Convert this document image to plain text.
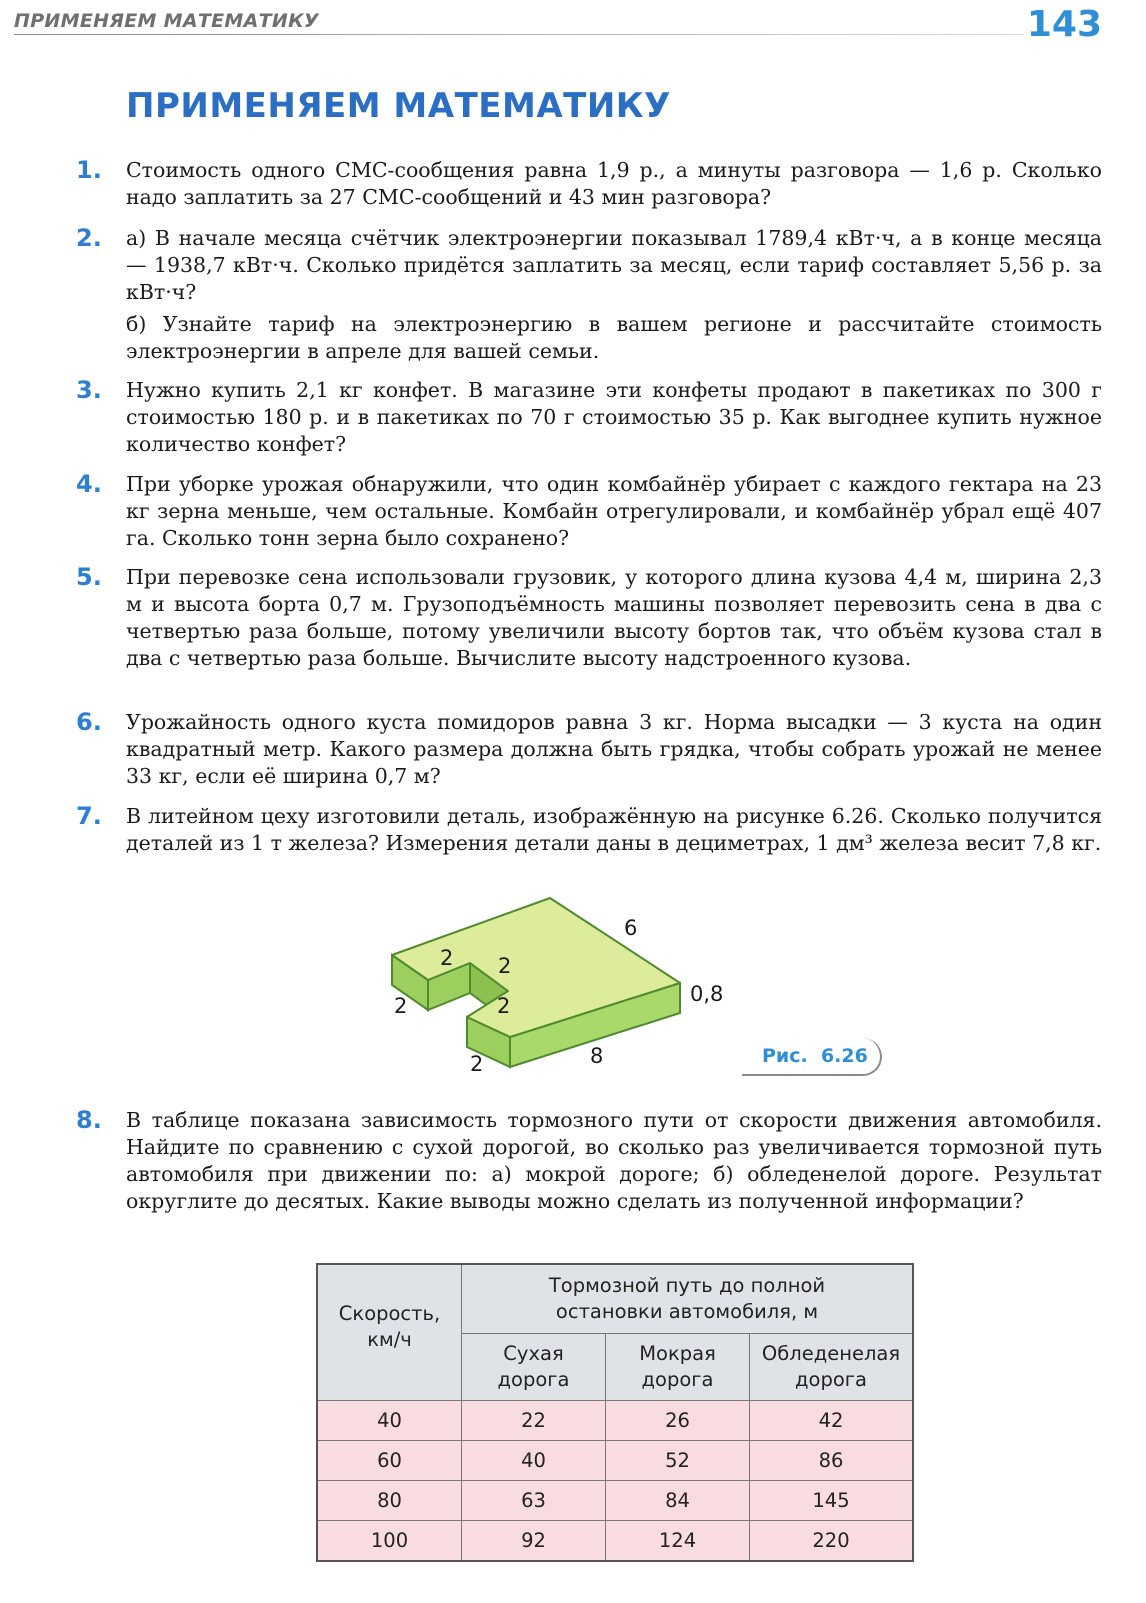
ПРИМЕНЯЕМ МАТЕМАТИКУ	143
ПРИМЕНЯЕМ МАТЕМАТИКУ
1. Стоимость одного СМС-сообщения равна 1,9 р., а минуты разговора — 1,6 р. Сколько надо заплатить за 27 СМС-сообщений и 43 мин разговора?

2. а) В начале месяца счётчик электроэнергии показывал 1789,4 кВт·ч, а в конце месяца — 1938,7 кВт·ч. Сколько придётся заплатить за месяц, если тариф составляет 5,56 р. за кВт·ч?

б) Узнайте тариф на электроэнергию в вашем регионе и рассчитайте стоимость электроэнергии в апреле для вашей семьи.

3. Нужно купить 2,1 кг конфет. В магазине эти конфеты продают в пакетиках по 300 г стоимостью 180 р. и в пакетиках по 70 г стоимостью 35 р. Как выгоднее купить нужное количество конфет?

4. При уборке урожая обнаружили, что один комбайнёр убирает с каждого гектара на 23 кг зерна меньше, чем остальные. Комбайн отрегулировали, и комбайнёр убрал ещё 407 га. Сколько тонн зерна было сохранено?

5. При перевозке сена использовали грузовик, у которого длина кузова 4,4 м, ширина 2,3 м и высота борта 0,7 м. Грузоподъёмность машины позволяет перевозить сена в два с четвертью раза больше, потому увеличили высоту бортов так, что объём кузова стал в два с четвертью раза больше. Вычислите высоту надстроенного кузова.

6. Урожайность одного куста помидоров равна 3 кг. Норма высадки — 3 куста на один квадратный метр. Какого размера должна быть грядка, чтобы собрать урожай не менее 33 кг, если её ширина 0,7 м?

7. В литейном цеху изготовили деталь, изображённую на рисунке 6.26. Сколько получится деталей из 1 т железа? Измерения детали даны в дециметрах, 1 дм³ железа весит 7,8 кг.

6
0,8
8
2
2
2 2
2
Рис. 6.26
8. В таблице показана зависимость тормозного пути от скорости движения автомобиля. Найдите по сравнению с сухой дорогой, во сколько раз увеличивается тормозной путь автомобиля при движении по: а) мокрой дороге; б) обледенелой дороге. Результат округлите до десятых. Какие выводы можно сделать из полученной информации?

Скорость, км/ч	Тормозной путь до полной остановки автомобиля, м		
	Сухая дорога	Мокрая дорога	Обледенелая дорога
40	22	26	42
60	40	52	86
80	63	84	145
100	92	124	220
